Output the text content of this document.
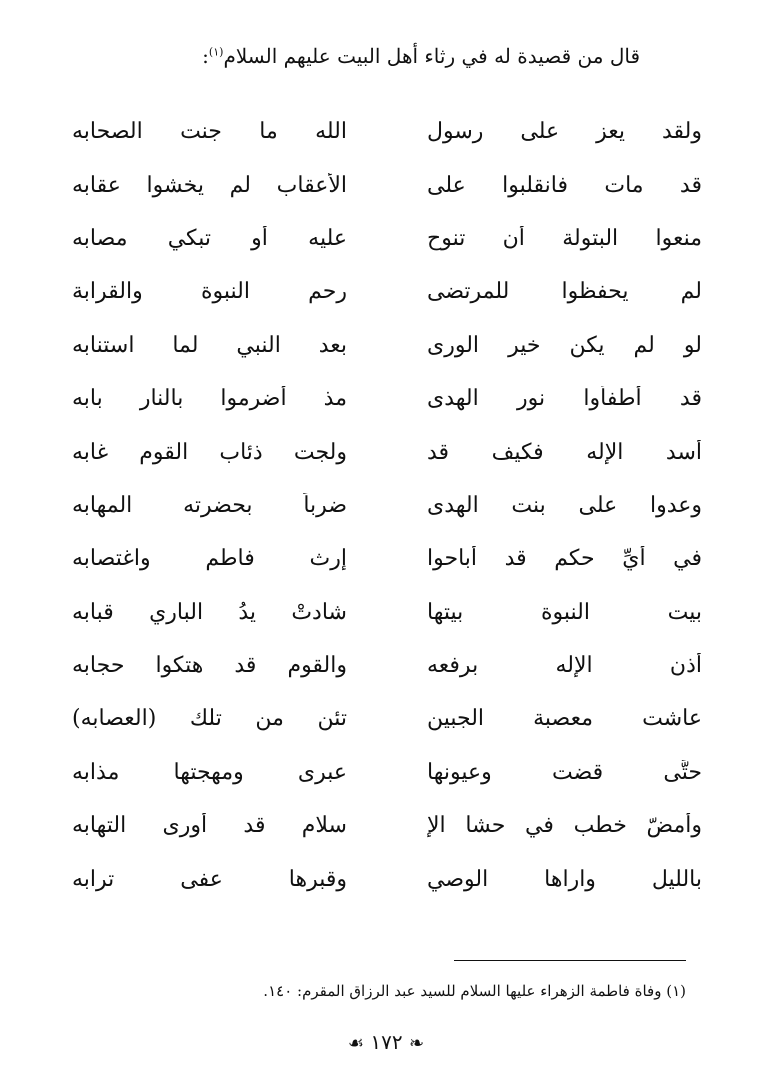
قال من قصيدة له في رثاء أهل البيت عليهم السلام$^{(١)}$:
ولقد يعز على رسول
الله ما جنت الصحابه
قد مات فانقلبوا على
الأعقاب لم يخشوا عقابه
منعوا البتولة أن تنوح
عليه أو تبكي مصابه
لم يحفظوا للمرتضى
رحم النبوة والقرابة
لو لم يكن خير الورى
بعد النبي لما استنابه
قد أطفأوا نور الهدى
مذ أضرموا بالنار بابه
أسد الإله فكيف قد
ولجت ذئاب القوم غابه
وعدوا على بنت الهدى
ضرباً بحضرته المهابه
في أيِّ حكم قد أباحوا
إرث فاطم واغتصابه
بيت النبوة بيتها
شادتْ يدُ الباري قبابه
أذن الإله برفعه
والقوم قد هتكوا حجابه
عاشت معصبة الجبين
تئن من تلك (العصابه)
حتَّى قضت وعيونها
عبرى ومهجتها مذابه
وأمضّ خطب في حشا الإ
سلام قد أورى التهابه
بالليل واراها الوصي
وقبرها عفى ترابه
(١) وفاة فاطمة الزهراء عليها السلام للسيد عبد الرزاق المقرم: ١٤٠.
❧ ١٧٢ ☙
